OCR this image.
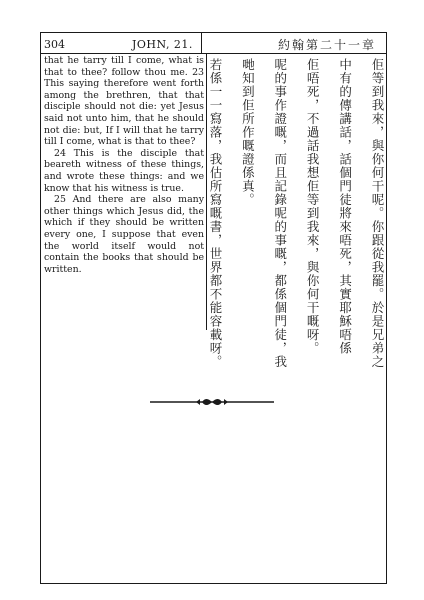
304	JOHN, 21.	約翰第二十一章

that he tarry till I come, what is that to thee? follow thou me. 23 This saying therefore went forth among the brethren, that that disciple should not die: yet Jesus said not unto him, that he should not die: but, If I will that he tarry till I come, what is that to thee?

24 This is the disciple that beareth witness of these things, and wrote these things: and we know that his witness is true.

25 And there are also many other things which Jesus did, the which if they should be written every one, I suppose that even the world itself would not contain the books that should be written.	佢等到我來，與你何干呢。你跟從我罷。於是兄弟之
中有的傳講話，話個門徒將來唔死，其實耶穌唔係
佢唔死，不過話我想佢等到我來，與你何干嘅呀。
呢的事作證嘅，而且記錄呢的事嘅，都係個門徒，我
哋知到佢所作嘅證係真。
若係一一寫落，我估所寫嘅書，世界都不能容載呀。
